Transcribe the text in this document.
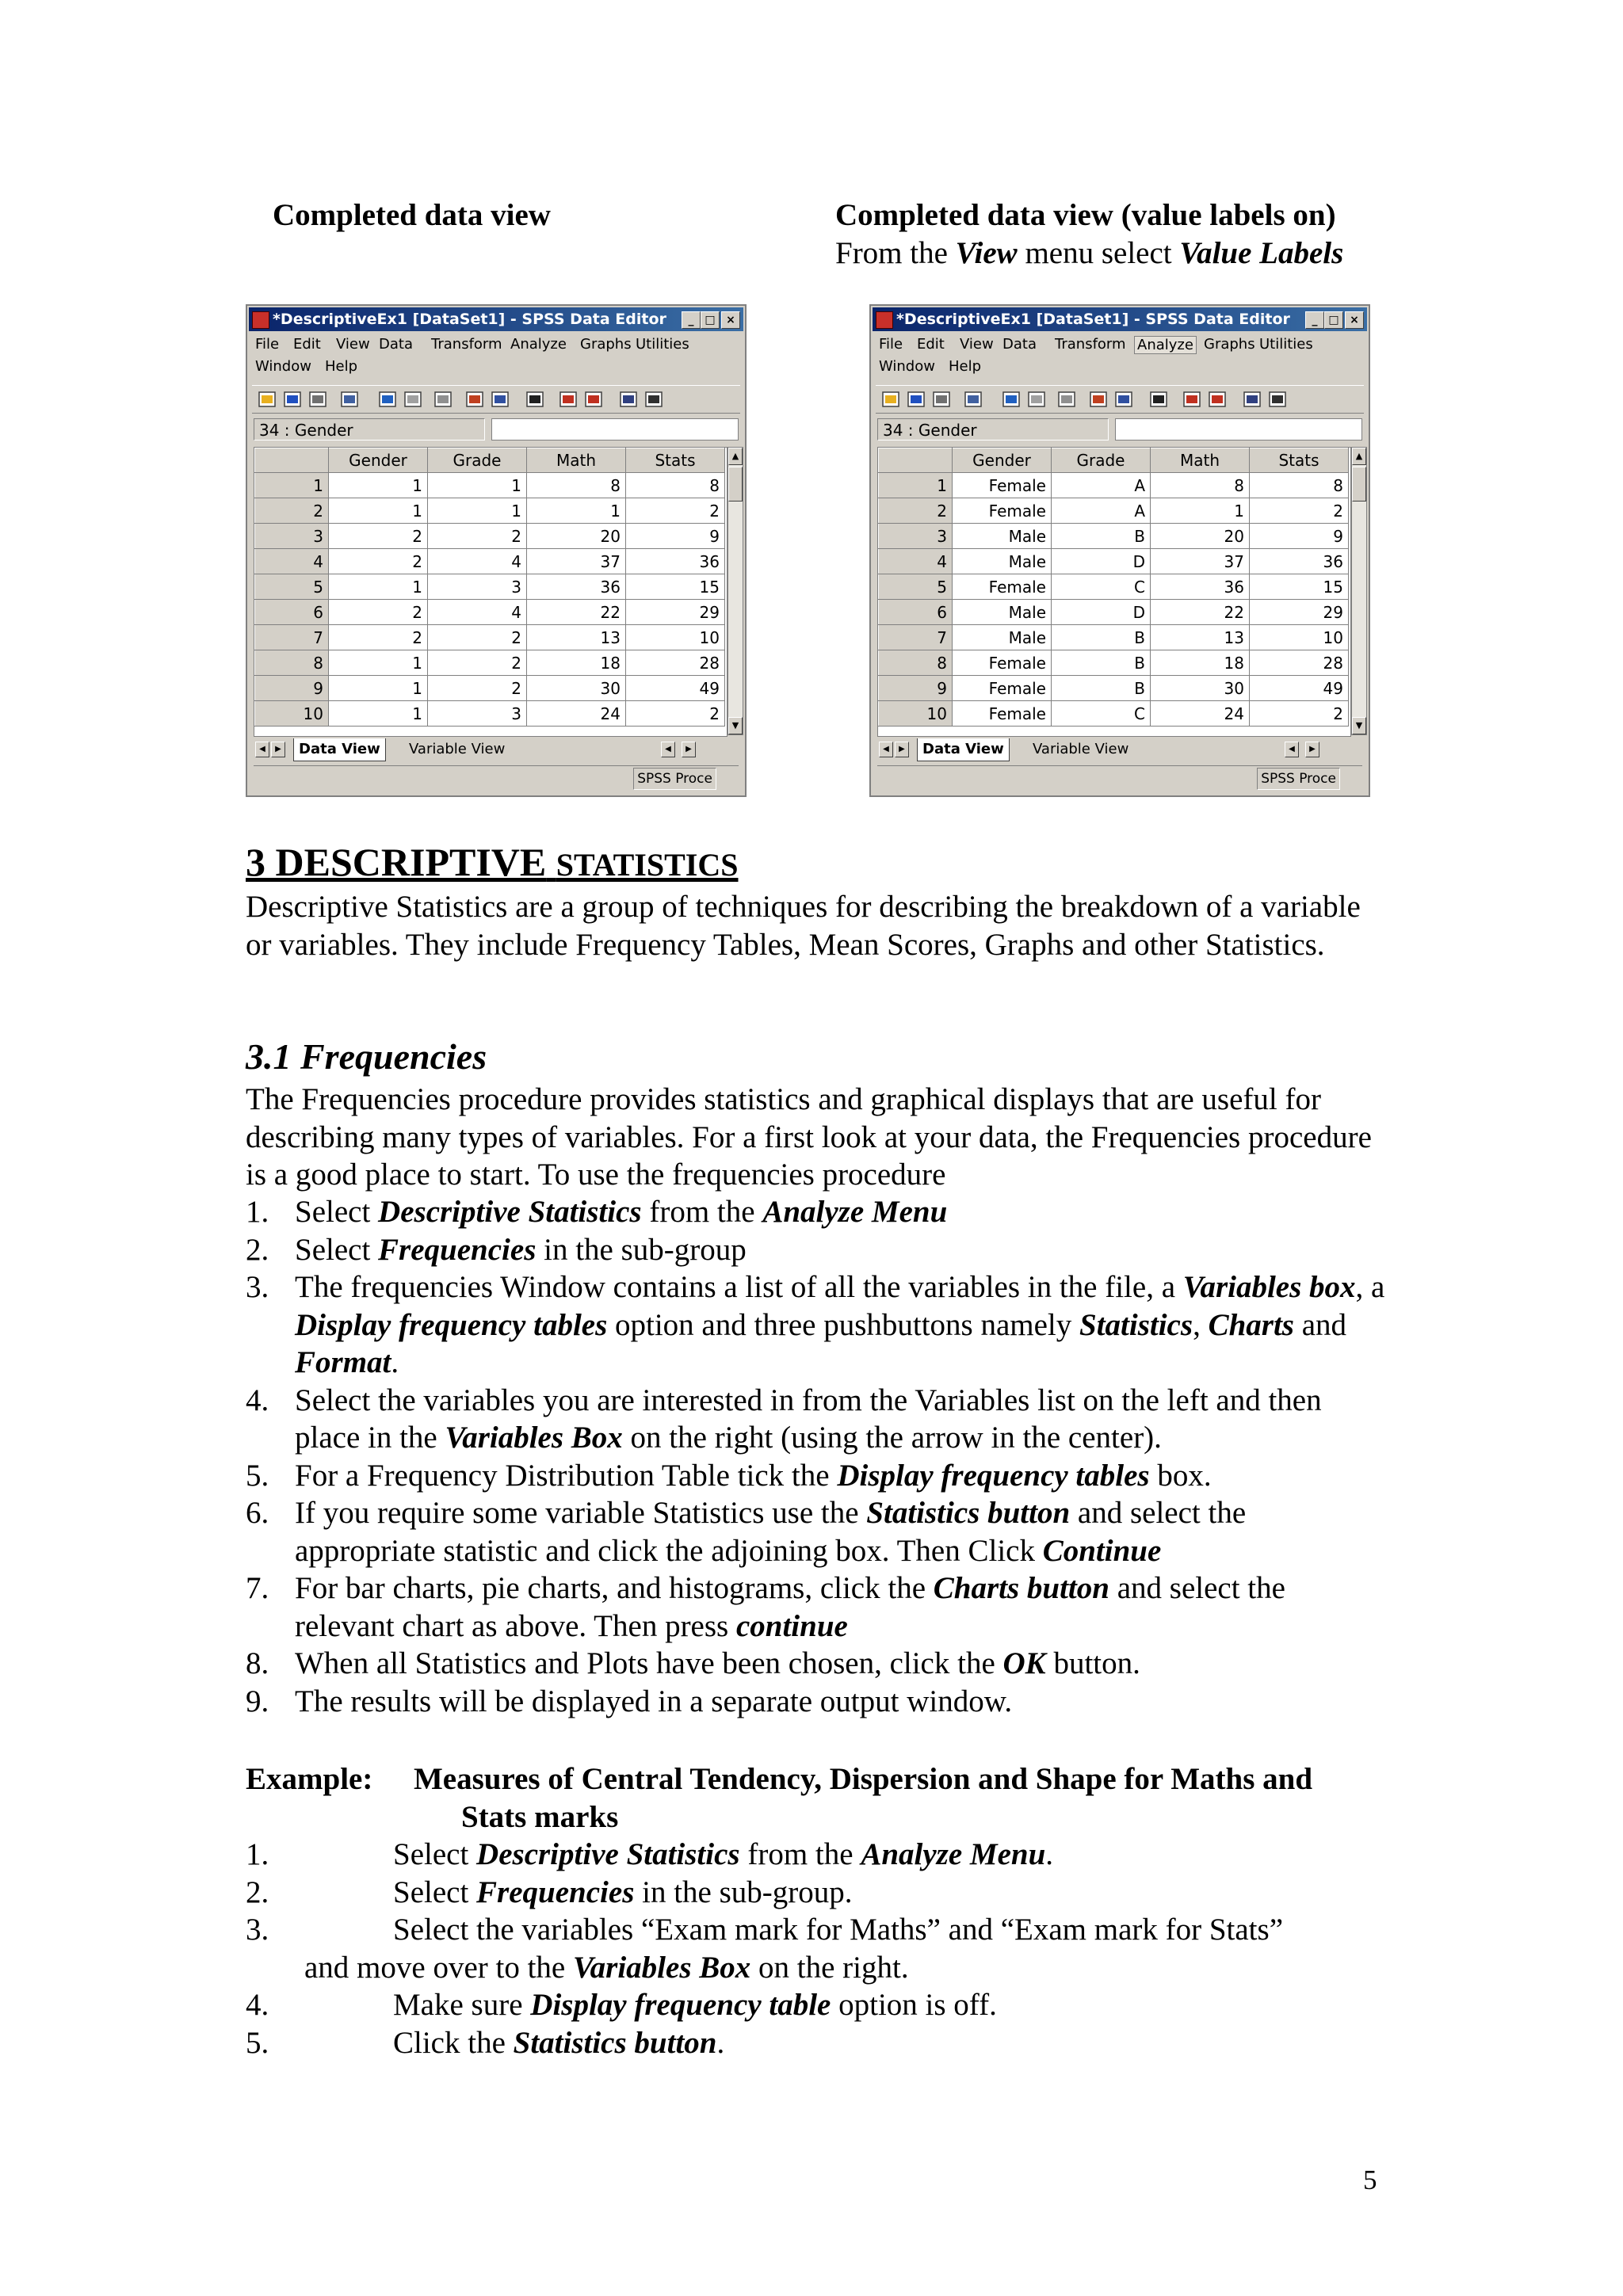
Completed data view	Completed data view (value labels on)
From the View menu select Value Labels
*DescriptiveEx1 [DataSet1] - SPSS Data Editor	_ □ ×
File Edit View Data Transform Analyze Graphs Utilities
Window Help
34 : Gender
	Gender	Grade	Math	Stats
1	1	1	8	8
2	1	1	1	2
3	2	2	20	9
4	2	4	37	36
5	1	3	36	15
6	2	4	22	29
7	2	2	13	10
8	1	2	18	28
9	1	2	30	49
10	1	3	24	2
▲
▼
◀	▶	Data View	Variable View	◀	▶
SPSS Proce
*DescriptiveEx1 [DataSet1] - SPSS Data Editor	_ □ ×
File Edit View Data Transform Analyze Graphs Utilities
Window Help
34 : Gender
	Gender	Grade	Math	Stats
1	Female	A	8	8
2	Female	A	1	2
3	Male	B	20	9
4	Male	D	37	36
5	Female	C	36	15
6	Male	D	22	29
7	Male	B	13	10
8	Female	B	18	28
9	Female	B	30	49
10	Female	C	24	2
▲
▼
◀	▶	Data View	Variable View	◀	▶
SPSS Proce
3 DESCRIPTIVE STATISTICS
Descriptive Statistics are a group of techniques for describing the breakdown of a variable or variables. They include Frequency Tables, Mean Scores, Graphs and other Statistics.
3.1 Frequencies
The Frequencies procedure provides statistics and graphical displays that are useful for describing many types of variables. For a first look at your data, the Frequencies procedure is a good place to start. To use the frequencies procedure
1. Select Descriptive Statistics from the Analyze Menu
2. Select Frequencies in the sub-group
3. The frequencies Window contains a list of all the variables in the file, a Variables box, a Display frequency tables option and three pushbuttons namely Statistics, Charts and Format.
4. Select the variables you are interested in from the Variables list on the left and then place in the Variables Box on the right (using the arrow in the center).
5. For a Frequency Distribution Table tick the Display frequency tables box.
6. If you require some variable Statistics use the Statistics button and select the appropriate statistic and click the adjoining box. Then Click Continue
7. For bar charts, pie charts, and histograms, click the Charts button and select the relevant chart as above. Then press continue
8. When all Statistics and Plots have been chosen, click the OK button.
9. The results will be displayed in a separate output window.
Example: Measures of Central Tendency, Dispersion and Shape for Maths and
Stats marks
1.	Select Descriptive Statistics from the Analyze Menu.
2.	Select Frequencies in the sub-group.
3.	Select the variables “Exam mark for Maths” and “Exam mark for Stats”
and move over to the Variables Box on the right.
4.	Make sure Display frequency table option is off.
5.	Click the Statistics button.
5
